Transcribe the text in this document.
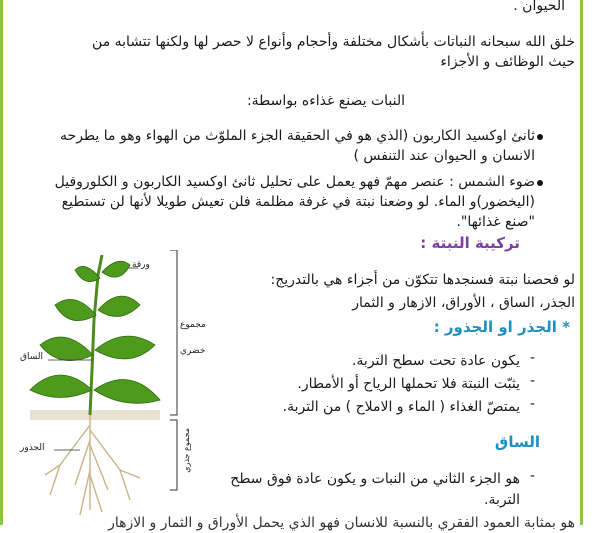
الحيوان .
خلق الله سبحانه النباتات بأشكال مختلفة وأحجام وأنواع لا حصر لها ولكنها تتشابه من
حيث الوظائف و الأجزاء
النبات يصنع غذاءه بواسطة:
ثانئ اوكسيد الكاربون (الذي هو في الحقيقة الجزء الملوّث من الهواء وهو ما يطرحه
الانسان و الحيوان عند التنفس )
ضوء الشمس : عنصر مهمّ فهو يعمل على تحليل ثانئ اوكسيد الكاربون و الكلوروفيل
(اليخضور)و الماء. لو وضعنا نبتة في غرفة مظلمة فلن تعيش طويلا لأنها لن تستطيع
"صنع غذائها".
تركيبة النبتة :
لو فحصنا نبتة فسنجدها تتكوّن من أجزاء هي بالتدريج:
الجذر، الساق ، الأوراق، الازهار و الثمار
* الجذر او الجذور :
-
يكون عادة تحت سطح التربة.
-
يثبّت النبتة فلا تحملها الرياح أو الأمطار.
-
يمتصّ الغذاء ( الماء و الاملاح ) من التربة.
الساق
-
هو الجزء الثاني من النبات و يكون عادة فوق سطح
التربة.
هو بمثابة العمود الفقري بالنسبة للانسان فهو الذي يحمل الأوراق و الثمار و الازهار
ورقة
الساق
الجذور
مجموع
خضري
مجموع جذري
